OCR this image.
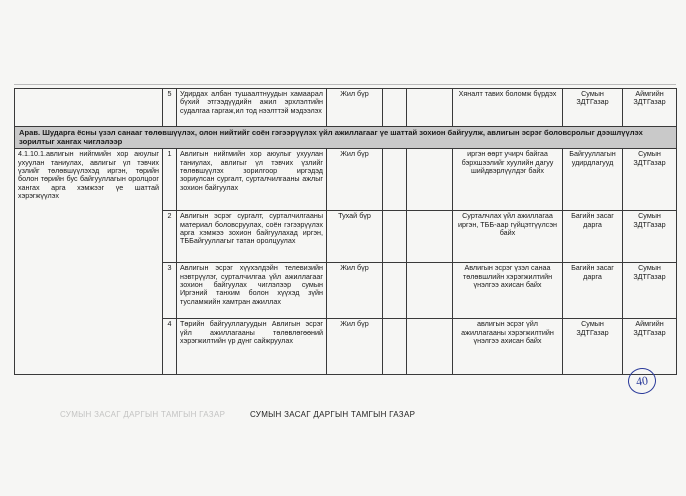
	5	Удирдах албан тушаалтнуудын хамаарал бүхий этгээдүүдийн ажил эрхлэлтийн судалгаа гаргаж,ил тод нээлттэй мэдээлэх	Жил бүр			Хяналт тавих боломж бүрдэх	Сумын ЗДТГазар	Аймгийн ЗДТГазар
Арав. Шударга ёсны үзэл санааг төлөвшүүлэх, олон нийтийг соён гэгээрүүлэх үйл ажиллагааг үе шаттай зохион байгуулж, авлигын эсрэг боловсролыг дээшлүүлэх зорилтыг хангах чиглэлээр								
4.1.10.1.авлигын нийгмийн хор аюулыг ухуулан таниулах, авлигыг үл тэвчих үзлийг төлөвшүүлэхэд иргэн, төрийн болон төрийн бус байгууллагын оролцоог хангах арга хэмжээг үе шаттай хэрэгжүүлэх	1	Авлигын нийгмийн хор аюулыг ухуулан таниулах, авлигыг үл тэвчих үзлийг төлөвшүүлэх зорилгоор иргэдэд зориулсан сургалт, сурталчилгааны ажлыг зохион байгуулах	Жил бүр			иргэн өөрт учирч байгаа бэрхшээлийг хуулийн дагуу шийдвэрлүүлдэг байх	Байгууллагын удирдлагууд	Сумын ЗДТГазар
	2	Авлигын эсрэг сургалт, сурталчилгааны материал боловсруулах, соён гэгээрүүлэх арга хэмжээ зохион байгуулахад иргэн, ТББайгууллагыг татан оролцуулах	Тухай бүр			Сурталчлах үйл ажиллагаа иргэн, ТББ-аар гүйцэтгүүлсэн байх	Багийн засаг дарга	Сумын ЗДТГазар
	3	Авлигын эсрэг хүүхэлдэйн телевизийн нэвтрүүлэг, сурталчилгаа үйл ажиллагааг зохион байгуулах чиглэлээр сумын Иргэний танхим болон хүүхэд зүйн тусламжийн хамтран ажиллах	Жил бүр			Авлигын эсрэг үзэл санаа төлөвшлийн хэрэгжилтийн үнэлгээ ахисан байх	Багийн засаг дарга	Сумын ЗДТГазар
	4	Төрийн байгууллагуудын Авлигын эсрэг үйл ажиллагааны төлөвлөгөөний хэрэгжилтийн үр дүнг сайжруулах	Жил бүр			авлигын эсрэг үйл ажиллагааны хэрэгжилтийн үнэлгээ ахисан байх	Сумын ЗДТГазар	Аймгийн ЗДТГазар
40
СУМЫН ЗАСАГ ДАРГЫН ТАМГЫН ГАЗАР	СУМЫН ЗАСАГ ДАРГЫН ТАМГЫН ГАЗАР
